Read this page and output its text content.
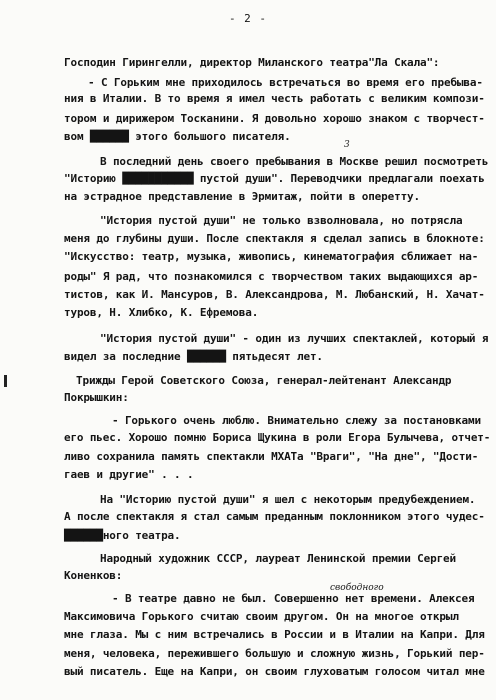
- 2 -
Господин Гирингелли, директор Миланского театра"Ла Скала":
- С Горьким мне приходилось встречаться во время его пребыва-
ния в Италии. В то время я имел честь работать с великим компози-
тором и дирижером Тосканини. Я довольно хорошо знаком с творчест-
вом ██████ этого большого писателя.
В последний день своего пребывания в Москве решил посмотреть
"Историю ███████████ пустой души". Переводчики предлагали поехать
на эстрадное представление в Эрмитаж, пойти в оперетту.
"История пустой души" не только взволновала, но потрясла
меня до глубины души. После спектакля я сделал запись в блокноте:
"Искусство: театр, музыка, живопись, кинематография сближает на-
роды" Я рад, что познакомился с творчеством таких выдающихся ар-
тистов, как И. Мансуров, В. Александрова, М. Любанский, Н. Хачат-
туров, Н. Хлибко, К. Ефремова.
"История пустой души" - один из лучших спектаклей, который я
видел за последние ██████ пятьдесят лет.
Трижды Герой Советского Союза, генерал-лейтенант Александр
Покрышкин:
- Горького очень люблю. Внимательно слежу за постановками
его пьес. Хорошо помню Бориса Щукина в роли Егора Булычева, отчет-
ливо сохранила память спектакли МХАТа "Враги", "На дне", "Дости-
гаев и другие" . . .
На "Историю пустой души" я шел с некоторым предубеждением.
А после спектакля я стал самым преданным поклонником этого чудес-
██████ного театра.
Народный художник СССР, лауреат Ленинской премии Сергей
Коненков:
- В театре давно не был. Совершенно нет времени. Алексея
Максимовича Горького считаю своим другом. Он на многое открыл
мне глаза. Мы с ним встречались в России и в Италии на Капри. Для
меня, человека, пережившего большую и сложную жизнь, Горький пер-
вый писатель. Еще на Капри, он своим глуховатым голосом читал мне
3
свободного
